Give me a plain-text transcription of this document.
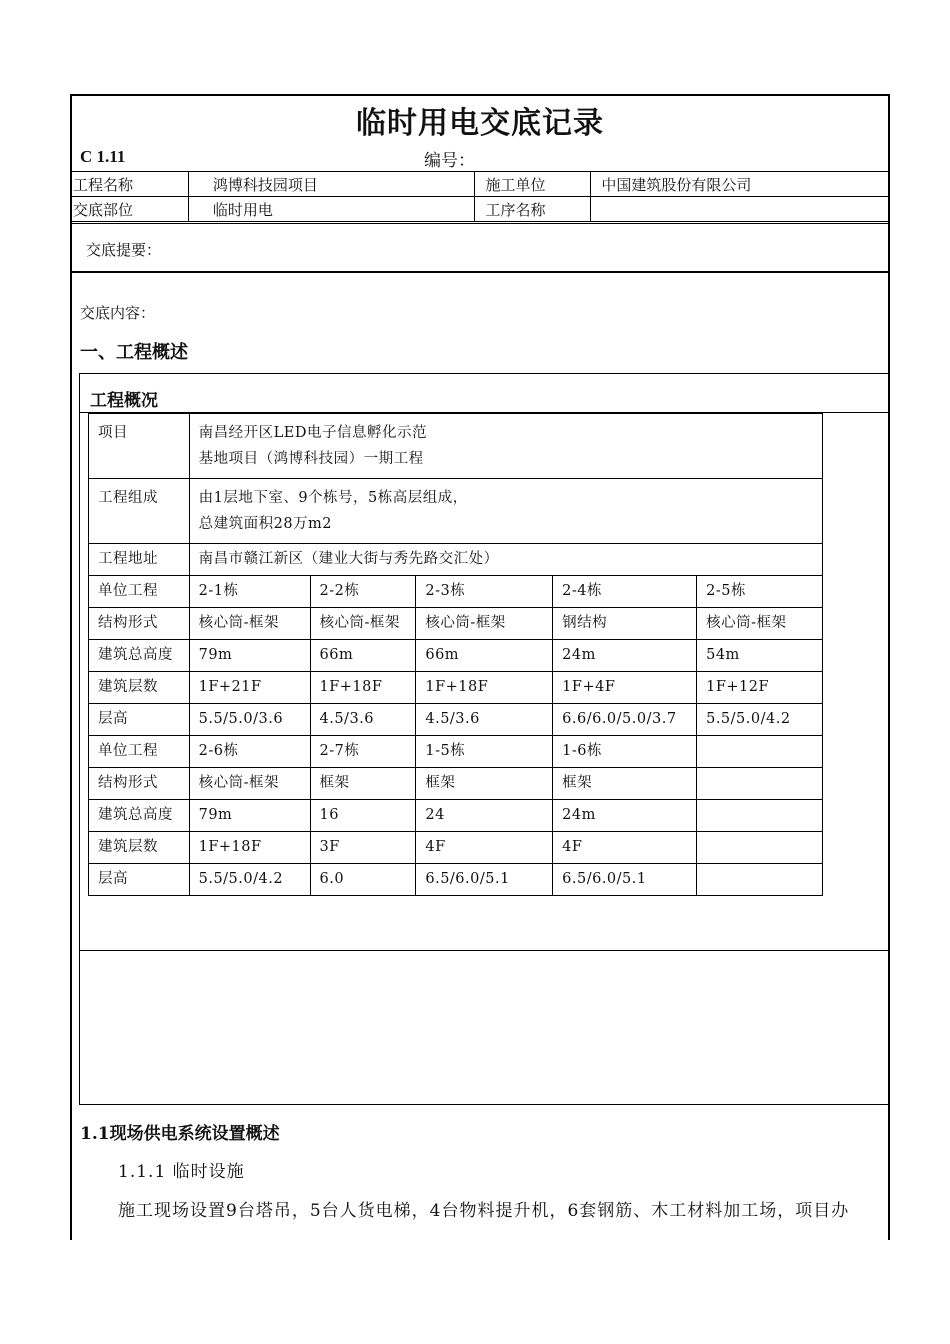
临时用电交底记录
C 1.11	编号：
工程名称	鸿博科技园项目	施工单位	中国建筑股份有限公司
交底部位	临时用电	工序名称	
交底提要：
交底内容：
一、工程概述
工程概况
项目	南昌经开区LED电子信息孵化示范
基地项目（鸿博科技园）一期工程				

工程组成	由1层地下室、9个栋号，5栋高层组成，
总建筑面积28万m2				

工程地址	南昌市赣江新区（建业大街与秀先路交汇处）				
单位工程	2-1栋	2-2栋	2-3栋	2-4栋	2-5栋
结构形式	核心筒-框架	核心筒-框架	核心筒-框架	钢结构	核心筒-框架
建筑总高度	79m	66m	66m	24m	54m
建筑层数	1F+21F	1F+18F	1F+18F	1F+4F	1F+12F
层高	5.5/5.0/3.6	4.5/3.6	4.5/3.6	6.6/6.0/5.0/3.7	5.5/5.0/4.2
单位工程	2-6栋	2-7栋	1-5栋	1-6栋	
结构形式	核心筒-框架	框架	框架	框架	
建筑总高度	79m	16	24	24m	
建筑层数	1F+18F	3F	4F	4F	
层高	5.5/5.0/4.2	6.0	6.5/6.0/5.1	6.5/6.0/5.1	
1.1现场供电系统设置概述
1.1.1 临时设施
施工现场设置9台塔吊，5台人货电梯，4台物料提升机，6套钢筋、木工材料加工场，项目办
